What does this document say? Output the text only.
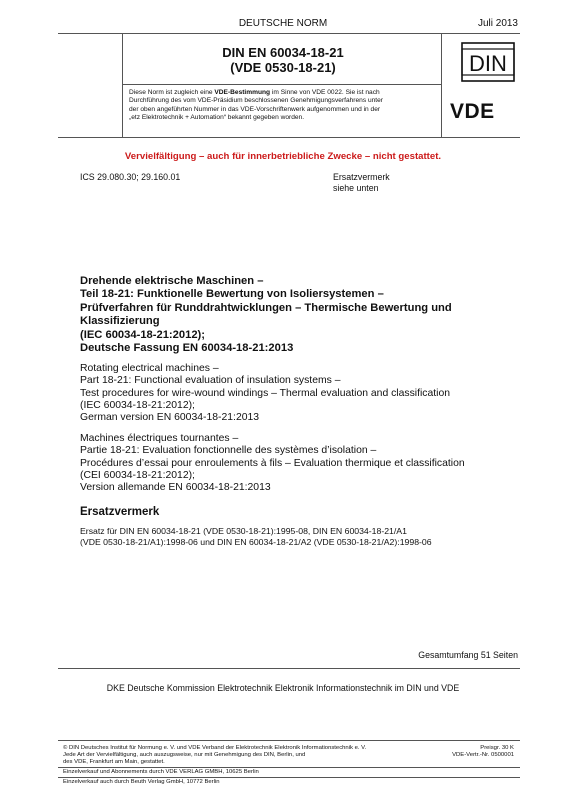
DEUTSCHE NORM	Juli 2013
DIN EN 60034-18-21
(VDE 0530-18-21)	DIN
Diese Norm ist zugleich eine VDE-Bestimmung im Sinne von VDE 0022. Sie ist nach
Durchführung des vom VDE-Präsidium beschlossenen Genehmigungsverfahrens unter
der oben angeführten Nummer in das VDE-Vorschriftenwerk aufgenommen und in der
„etz Elektrotechnik + Automation“ bekannt gegeben worden.	VDE
Vervielfältigung – auch für innerbetriebliche Zwecke – nicht gestattet.
ICS 29.080.30; 29.160.01	Ersatzvermerk
siehe unten
Drehende elektrische Maschinen –
Teil 18-21: Funktionelle Bewertung von Isoliersystemen –
Prüfverfahren für Runddrahtwicklungen – Thermische Bewertung und
Klassifizierung
(IEC 60034-18-21:2012);
Deutsche Fassung EN 60034-18-21:2013
Rotating electrical machines –
Part 18-21: Functional evaluation of insulation systems –
Test procedures for wire-wound windings – Thermal evaluation and classification
(IEC 60034-18-21:2012);
German version EN 60034-18-21:2013
Machines électriques tournantes –
Partie 18-21: Evaluation fonctionnelle des systèmes d’isolation –
Procédures d’essai pour enroulements à fils – Evaluation thermique et classification
(CEI 60034-18-21:2012);
Version allemande EN 60034-18-21:2013
Ersatzvermerk
Ersatz für DIN EN 60034-18-21 (VDE 0530-18-21):1995-08, DIN EN 60034-18-21/A1
(VDE 0530-18-21/A1):1998-06 und DIN EN 60034-18-21/A2 (VDE 0530-18-21/A2):1998-06
Gesamtumfang 51 Seiten
DKE Deutsche Kommission Elektrotechnik Elektronik Informationstechnik im DIN und VDE
© DIN Deutsches Institut für Normung e. V. und VDE Verband der Elektrotechnik Elektronik Informationstechnik e. V.
Jede Art der Vervielfältigung, auch auszugsweise, nur mit Genehmigung des DIN, Berlin, und
des VDE, Frankfurt am Main, gestattet.
Preisgr. 30 K
VDE-Vertr.-Nr. 0500001
Einzelverkauf und Abonnements durch VDE VERLAG GMBH, 10625 Berlin
Einzelverkauf auch durch Beuth Verlag GmbH, 10772 Berlin
